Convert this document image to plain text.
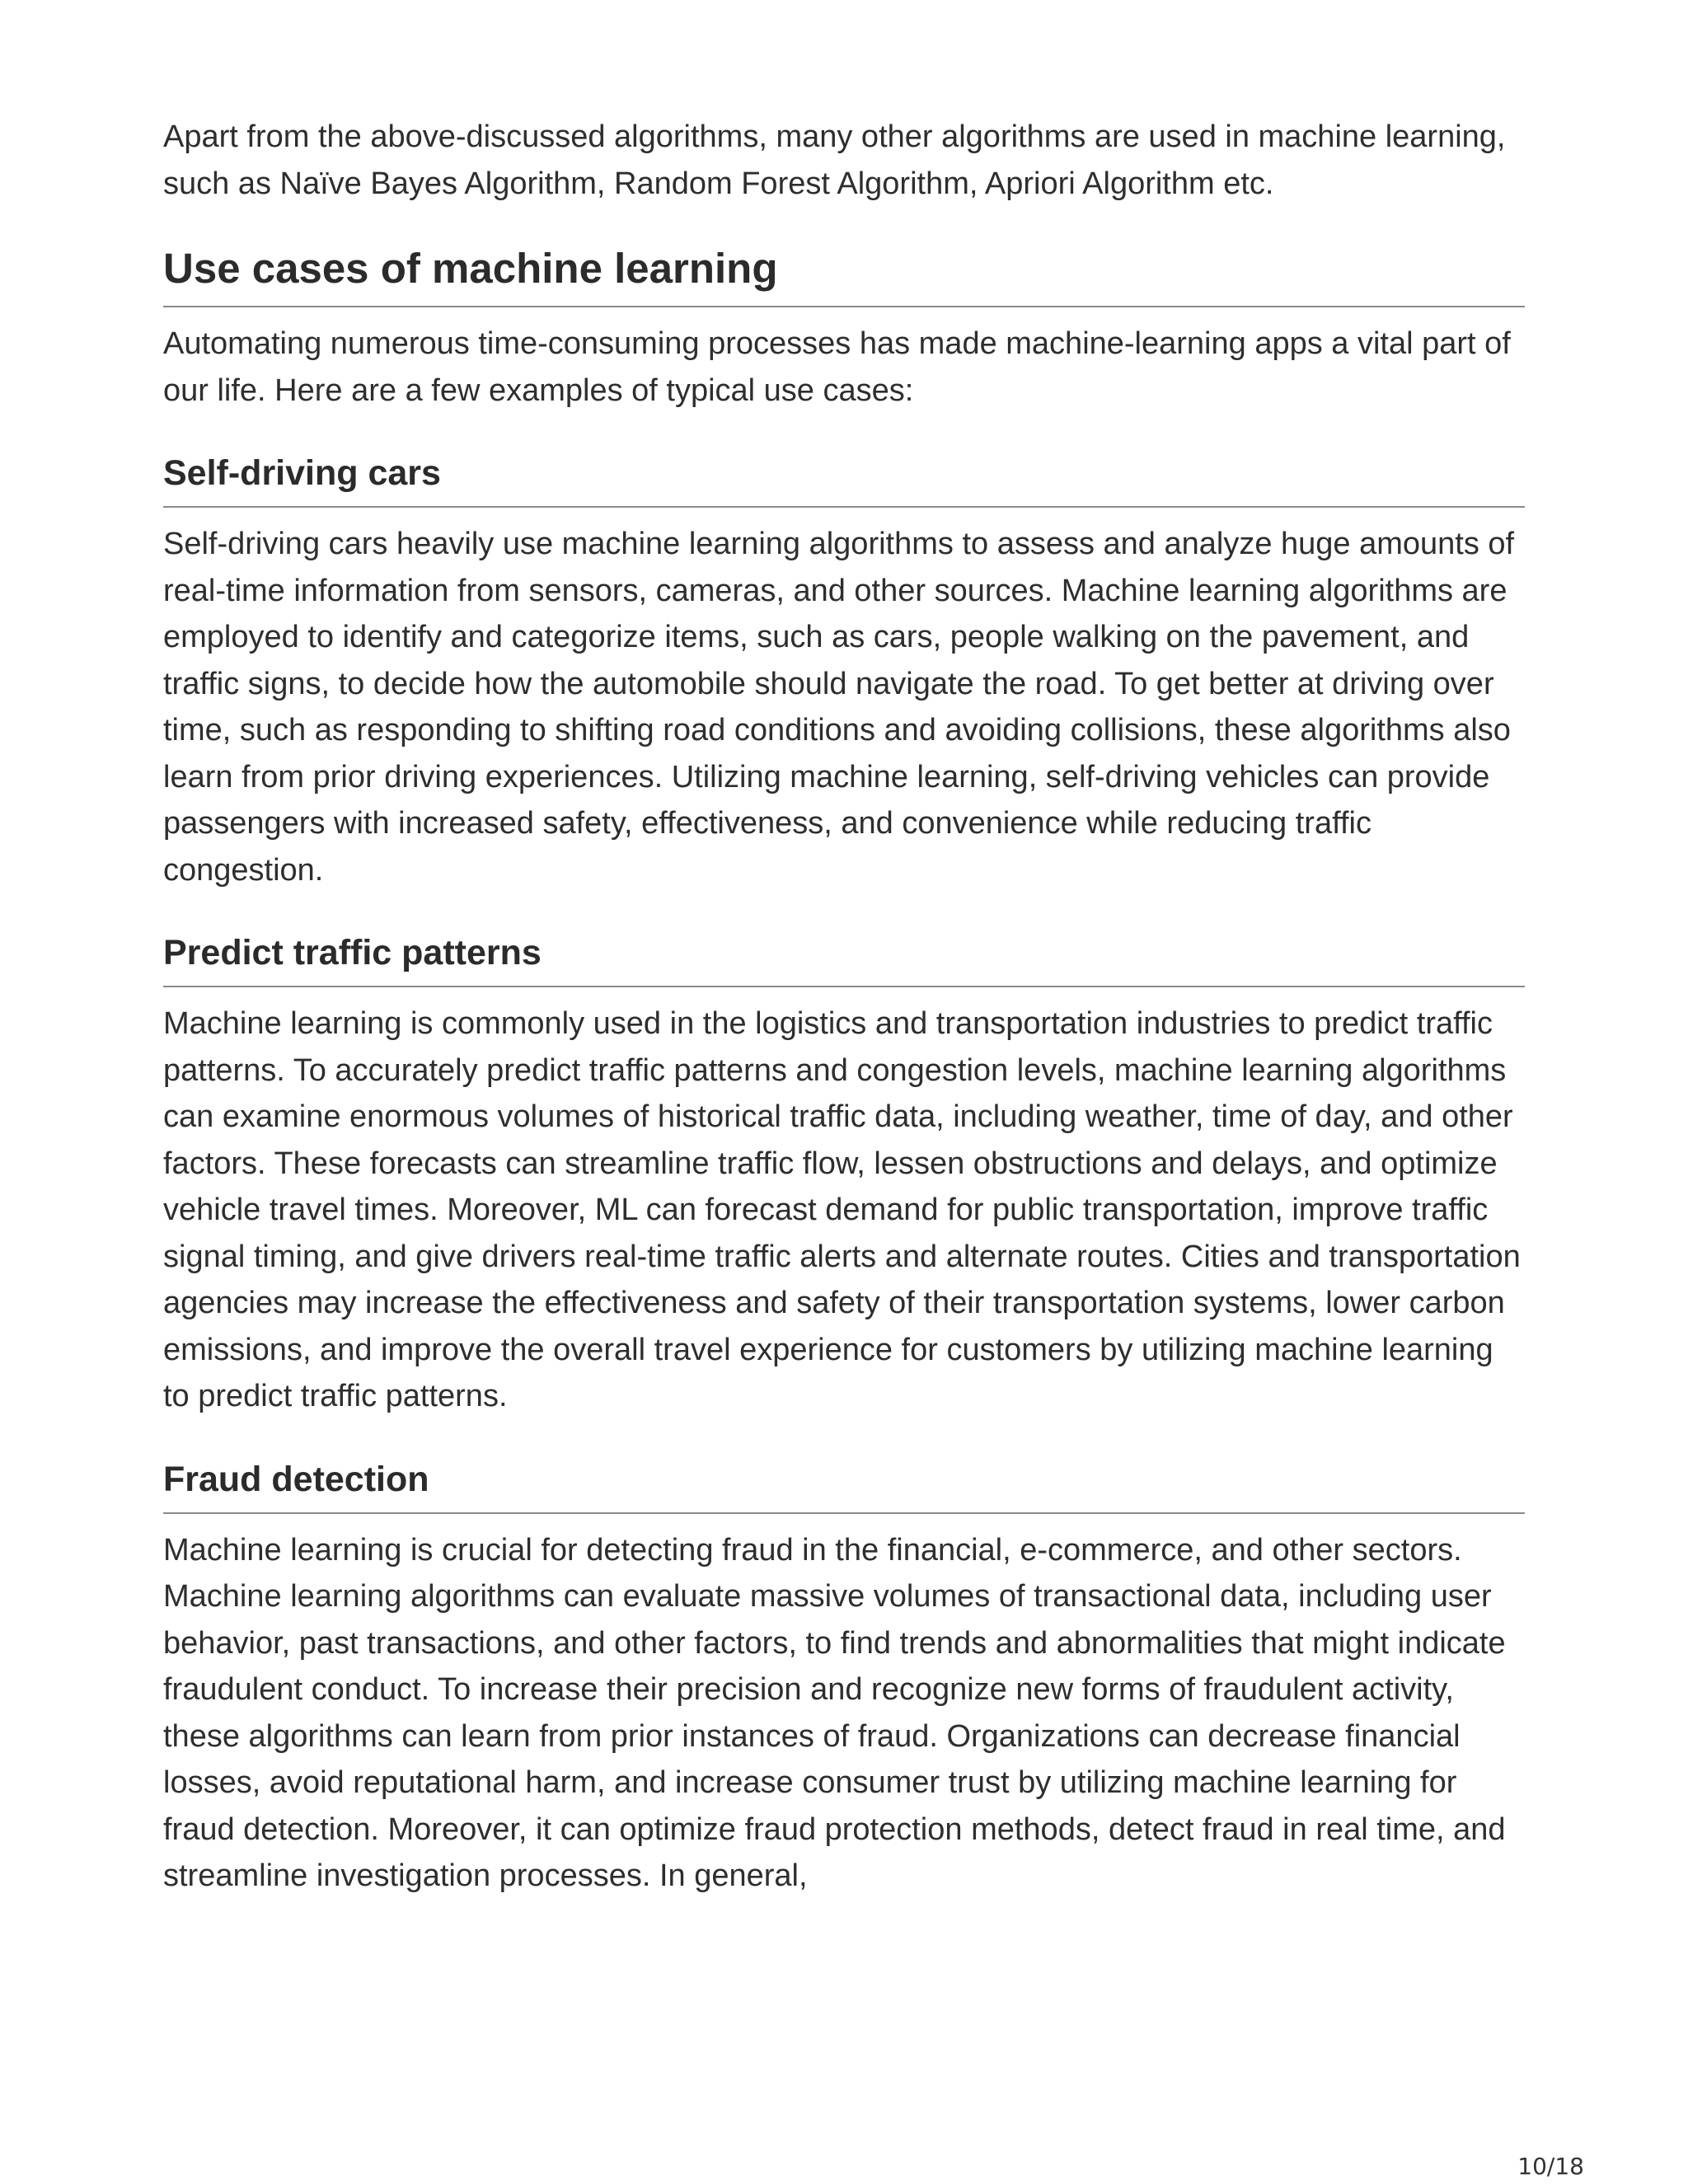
Apart from the above-discussed algorithms, many other algorithms are used in machine learning, such as Naïve Bayes Algorithm, Random Forest Algorithm, Apriori Algorithm etc.

Use cases of machine learning

Automating numerous time-consuming processes has made machine-learning apps a vital part of our life. Here are a few examples of typical use cases:

Self-driving cars

Self-driving cars heavily use machine learning algorithms to assess and analyze huge amounts of real-time information from sensors, cameras, and other sources. Machine learning algorithms are employed to identify and categorize items, such as cars, people walking on the pavement, and traffic signs, to decide how the automobile should navigate the road. To get better at driving over time, such as responding to shifting road conditions and avoiding collisions, these algorithms also learn from prior driving experiences. Utilizing machine learning, self-driving vehicles can provide passengers with increased safety, effectiveness, and convenience while reducing traffic congestion.

Predict traffic patterns

Machine learning is commonly used in the logistics and transportation industries to predict traffic patterns. To accurately predict traffic patterns and congestion levels, machine learning algorithms can examine enormous volumes of historical traffic data, including weather, time of day, and other factors. These forecasts can streamline traffic flow, lessen obstructions and delays, and optimize vehicle travel times. Moreover, ML can forecast demand for public transportation, improve traffic signal timing, and give drivers real-time traffic alerts and alternate routes. Cities and transportation agencies may increase the effectiveness and safety of their transportation systems, lower carbon emissions, and improve the overall travel experience for customers by utilizing machine learning to predict traffic patterns.

Fraud detection

Machine learning is crucial for detecting fraud in the financial, e-commerce, and other sectors. Machine learning algorithms can evaluate massive volumes of transactional data, including user behavior, past transactions, and other factors, to find trends and abnormalities that might indicate fraudulent conduct. To increase their precision and recognize new forms of fraudulent activity, these algorithms can learn from prior instances of fraud. Organizations can decrease financial losses, avoid reputational harm, and increase consumer trust by utilizing machine learning for fraud detection. Moreover, it can optimize fraud protection methods, detect fraud in real time, and streamline investigation processes. In general,

10/18
